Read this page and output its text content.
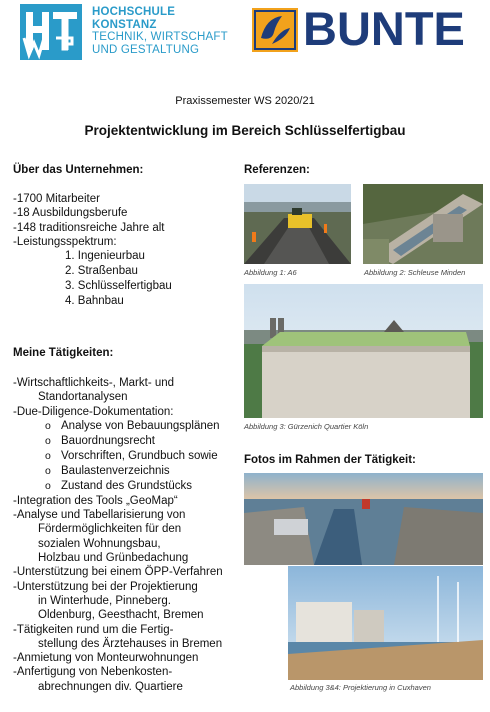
HOCHSCHULE
KONSTANZ
TECHNIK, WIRTSCHAFT
UND GESTALTUNG	BUNTE
Praxissemester WS 2020/21
Projektentwicklung im Bereich Schlüsselfertigbau
Über das Unternehmen:
-1700 Mitarbeiter
-18 Ausbildungsberufe
-148 traditionsreiche Jahre alt
-Leistungsspektrum:
1. Ingenieurbau
2. Straßenbau
3. Schlüsselfertigbau
4. Bahnbau
Meine Tätigkeiten:
-Wirtschaftlichkeits-, Markt- und
Standortanalysen
-Due-Diligence-Dokumentation:
o Analyse von Bebauungsplänen
o Bauordnungsrecht
o Vorschriften, Grundbuch sowie
o Baulastenverzeichnis
o Zustand des Grundstücks
-Integration des Tools „GeoMap“
-Analyse und Tabellarisierung von
Fördermöglichkeiten für den
sozialen Wohnungsbau,
Holzbau und Grünbedachung
-Unterstützung bei einem ÖPP-Verfahren
-Unterstützung bei der Projektierung
in Winterhude, Pinneberg.
Oldenburg, Geesthacht, Bremen
-Tätigkeiten rund um die Fertig-
stellung des Ärztehauses in Bremen
-Anmietung von Monteurwohnungen
-Anfertigung von Nebenkosten-
abrechnungen div. Quartiere
Referenzen:
Abbildung 1: A6	Abbildung 2: Schleuse Minden
Abbildung 3: Gürzenich Quartier Köln
Fotos im Rahmen der Tätigkeit:
Abbildung 3&4: Projektierung in Cuxhaven
